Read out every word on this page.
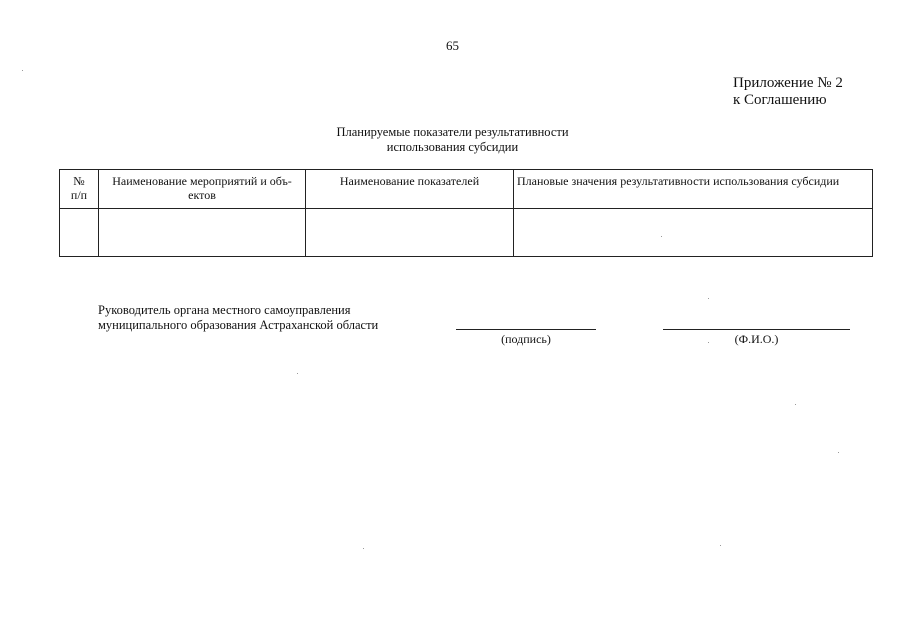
65
Приложение № 2
к Соглашению
Планируемые показатели результативности
использования субсидии
№
п/п	Наименование мероприятий и объ-ектов	Наименование показателей	Плановые значения результативности использования субсидии

Руководитель органа местного самоуправления
муниципального образования Астраханской области
(подпись)	(Ф.И.О.)
